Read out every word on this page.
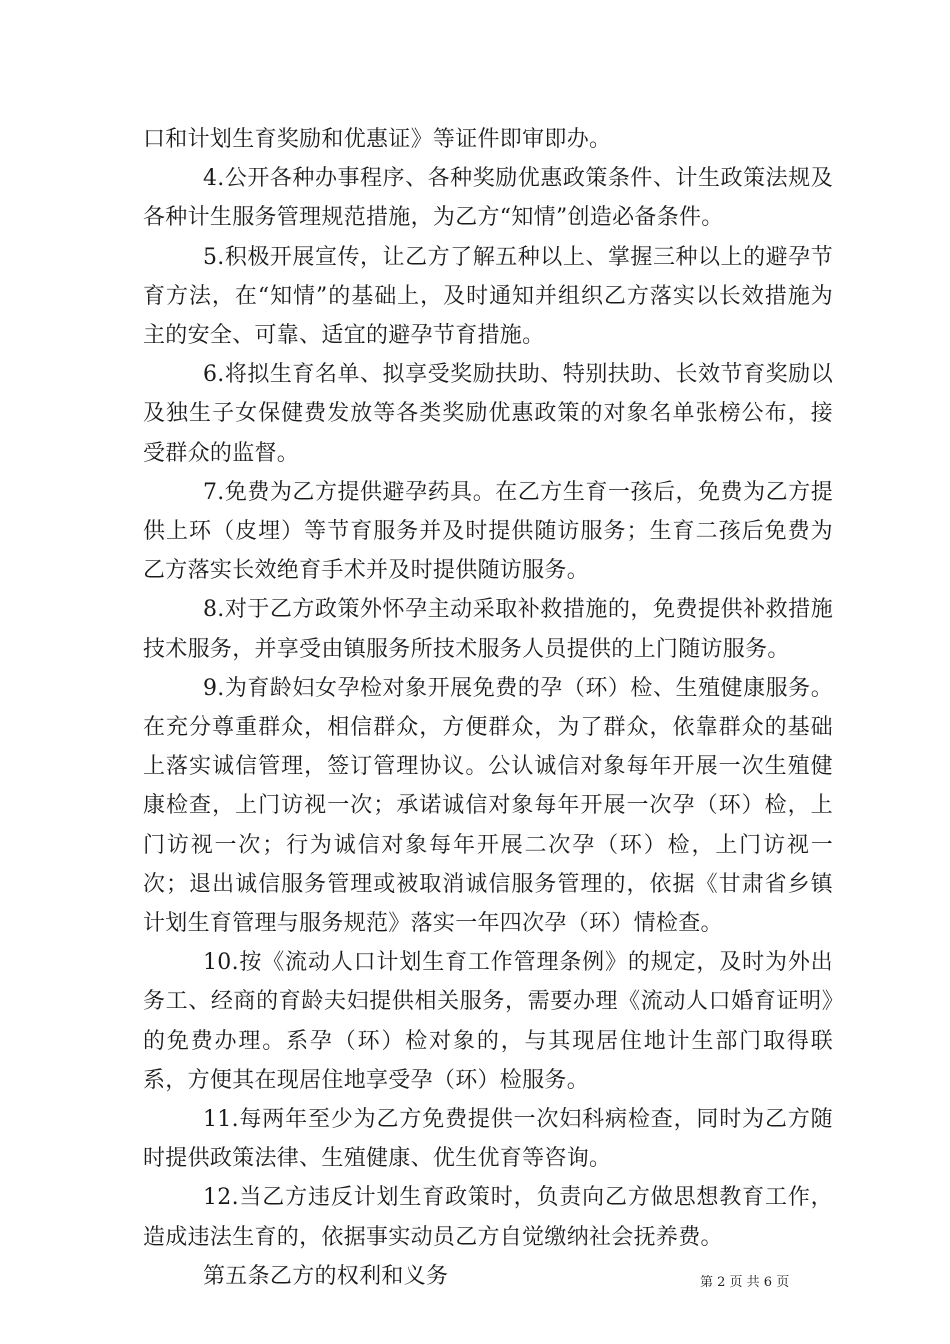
口和计划生育奖励和优惠证》等证件即审即办。

4.公开各种办事程序、各种奖励优惠政策条件、计生政策法规及各种计生服务管理规范措施，为乙方“知情”创造必备条件。

5.积极开展宣传，让乙方了解五种以上、掌握三种以上的避孕节育方法，在“知情”的基础上，及时通知并组织乙方落实以长效措施为主的安全、可靠、适宜的避孕节育措施。

6.将拟生育名单、拟享受奖励扶助、特别扶助、长效节育奖励以及独生子女保健费发放等各类奖励优惠政策的对象名单张榜公布，接受群众的监督。

7.免费为乙方提供避孕药具。在乙方生育一孩后，免费为乙方提供上环（皮埋）等节育服务并及时提供随访服务；生育二孩后免费为乙方落实长效绝育手术并及时提供随访服务。

8.对于乙方政策外怀孕主动采取补救措施的，免费提供补救措施技术服务，并享受由镇服务所技术服务人员提供的上门随访服务。

9.为育龄妇女孕检对象开展免费的孕（环）检、生殖健康服务。在充分尊重群众，相信群众，方便群众，为了群众，依靠群众的基础上落实诚信管理，签订管理协议。公认诚信对象每年开展一次生殖健康检查，上门访视一次；承诺诚信对象每年开展一次孕（环）检，上门访视一次；行为诚信对象每年开展二次孕（环）检，上门访视一次；退出诚信服务管理或被取消诚信服务管理的，依据《甘肃省乡镇计划生育管理与服务规范》落实一年四次孕（环）情检查。

10.按《流动人口计划生育工作管理条例》的规定，及时为外出务工、经商的育龄夫妇提供相关服务，需要办理《流动人口婚育证明》的免费办理。系孕（环）检对象的，与其现居住地计生部门取得联系，方便其在现居住地享受孕（环）检服务。

11.每两年至少为乙方免费提供一次妇科病检查，同时为乙方随时提供政策法律、生殖健康、优生优育等咨询。

12.当乙方违反计划生育政策时，负责向乙方做思想教育工作，造成违法生育的，依据事实动员乙方自觉缴纳社会抚养费。

第五条乙方的权利和义务	第 2 页 共 6 页
